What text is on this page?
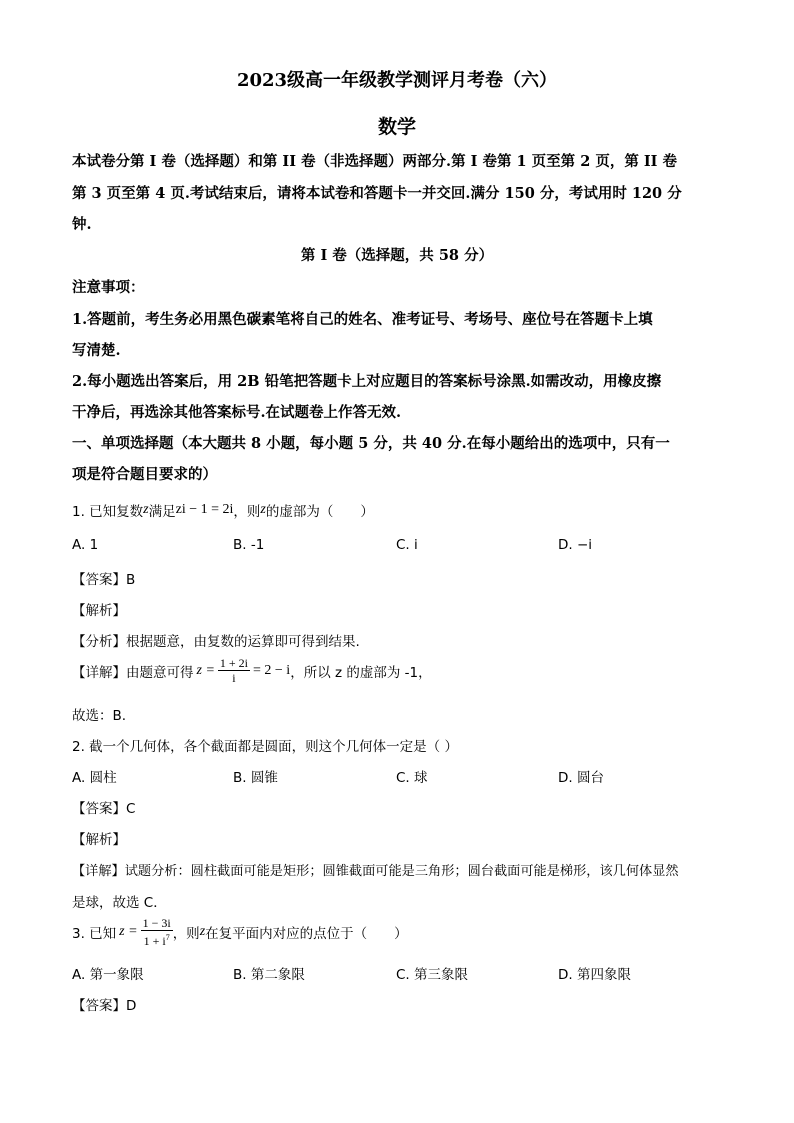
2023级高一年级教学测评月考卷（六）
数学
本试卷分第 I 卷（选择题）和第 II 卷（非选择题）两部分.第 I 卷第 1 页至第 2 页，第 II 卷
第 3 页至第 4 页.考试结束后，请将本试卷和答题卡一并交回.满分 150 分，考试用时 120 分
钟.
第 I 卷（选择题，共 58 分）
注意事项：
1.答题前，考生务必用黑色碳素笔将自己的姓名、准考证号、考场号、座位号在答题卡上填
写清楚.
2.每小题选出答案后，用 2B 铅笔把答题卡上对应题目的答案标号涂黑.如需改动，用橡皮擦
干净后，再选涂其他答案标号.在试题卷上作答无效.
一、单项选择题（本大题共 8 小题，每小题 5 分，共 40 分.在每小题给出的选项中，只有一
项是符合题目要求的）
1. 已知复数 z 满足 zi − 1 = 2i ，则 z 的虚部为（　　）
A. 1	B. -1	C. i	D. −i
【答案】B
【解析】
【分析】根据题意，由复数的运算即可得到结果.
【详解】由题意可得 $z = \frac{1 + 2i}{i} = 2 - i$ ，所以 z 的虚部为 -1，
故选：B.
2. 截一个几何体，各个截面都是圆面，则这个几何体一定是（ ）
A. 圆柱	B. 圆锥	C. 球	D. 圆台
【答案】C
【解析】
【详解】试题分析：圆柱截面可能是矩形；圆锥截面可能是三角形；圆台截面可能是梯形，该几何体显然
是球，故选 C．
3. 已知 $z = \frac{1 - 3i}{1 + i^7}$ ，则 z 在复平面内对应的点位于（　　）
A. 第一象限	B. 第二象限	C. 第三象限	D. 第四象限
【答案】D
